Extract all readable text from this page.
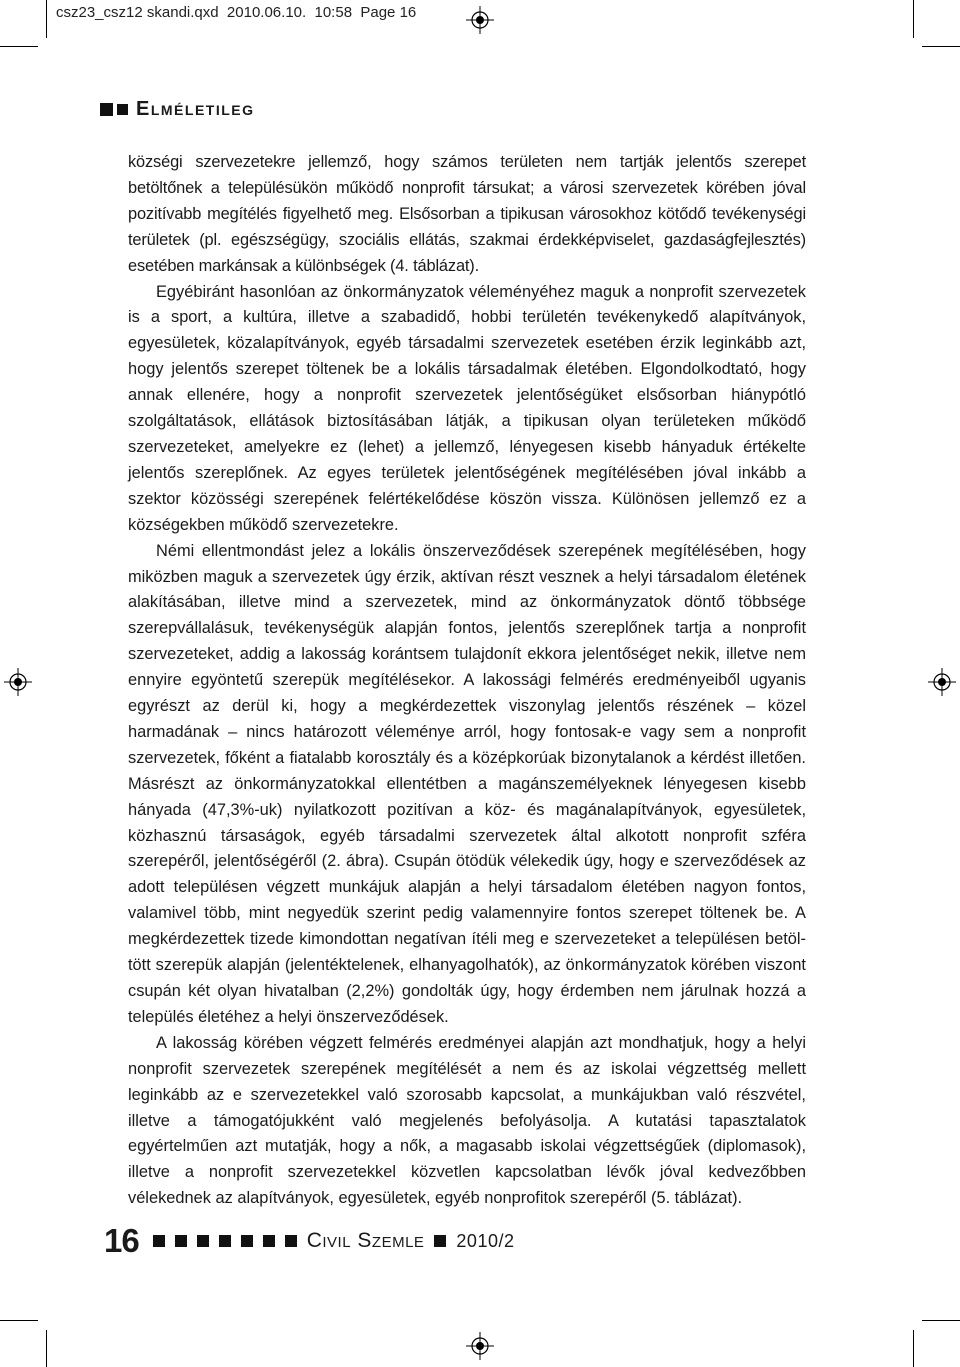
csz23_csz12 skandi.qxd  2010.06.10.  10:58  Page 16
Elméletileg

községi szervezetekre jellemző, hogy számos területen nem tartják jelentős szerepet betöltőnek a településükön működő nonprofit társukat; a városi szervezetek körében jóval pozitívabb megítélés figyelhető meg. Elsősorban a tipikusan városokhoz kötődő tevékenységi területek (pl. egészségügy, szociális ellátás, szakmai érdekképviselet, gazdaságfejlesztés) esetében markánsak a különbségek (4. táblázat).

Egyébiránt hasonlóan az önkormányzatok véleményéhez maguk a nonprofit szervezetek is a sport, a kultúra, illetve a szabadidő, hobbi területén tevékenykedő alapítványok, egyesületek, közalapítványok, egyéb társadalmi szervezetek esetében érzik leginkább azt, hogy jelentős szerepet töltenek be a lokális társadalmak életében. Elgondolkodtató, hogy annak ellenére, hogy a nonprofit szervezetek jelentőségüket elsősorban hiánypótló szolgáltatások, ellátások biztosításában látják, a tipikusan olyan területeken működő szervezeteket, amelyekre ez (lehet) a jellemző, lényegesen kisebb hányaduk értékelte jelentős szereplőnek. Az egyes területek jelentőségének megítélésében jóval inkább a szektor közösségi szerepének felértékelődése köszön vissza. Különösen jellemző ez a községekben működő szervezetekre.

Némi ellentmondást jelez a lokális önszerveződések szerepének megítélésében, hogy miközben maguk a szervezetek úgy érzik, aktívan részt vesznek a helyi társadalom életének alakításában, illetve mind a szervezetek, mind az önkormányzatok döntő többsége szerepvállalásuk, tevékenységük alapján fontos, jelentős szereplőnek tartja a nonprofit szervezeteket, addig a lakosság korántsem tulajdonít ekkora jelentőséget nekik, illetve nem ennyire egyöntetű szerepük megítélésekor. A lakossági felmérés eredményeiből ugyanis egyrészt az derül ki, hogy a megkérdezettek viszonylag jelentős részének – közel harmadának – nincs határozott véleménye arról, hogy fontosak-e vagy sem a nonprofit szervezetek, főként a fiatalabb korosztály és a középkorúak bizonytalanok a kérdést illetően. Másrészt az önkormányzatokkal ellentétben a magánszemélyeknek lényegesen kisebb hányada (47,3%-uk) nyilatkozott pozitívan a köz- és magánalapítványok, egyesületek, közhasznú társaságok, egyéb társadalmi szervezetek által alkotott nonprofit szféra szerepéről, jelentőségéről (2. ábra). Csupán ötödük vélekedik úgy, hogy e szerveződések az adott településen végzett munkájuk alapján a helyi társadalom életében nagyon fontos, valamivel több, mint negyedük szerint pedig valamennyire fontos szerepet töltenek be. A megkérdezettek tizede kimondottan negatívan ítéli meg e szervezeteket a településen betöltött szerepük alapján (jelentéktelenek, elhanyagolhatók), az önkormányzatok körében viszont csupán két olyan hivatalban (2,2%) gondolták úgy, hogy érdemben nem járulnak hozzá a település életéhez a helyi önszerveződések.

A lakosság körében végzett felmérés eredményei alapján azt mondhatjuk, hogy a helyi nonprofit szervezetek szerepének megítélését a nem és az iskolai végzettség mellett leginkább az e szervezetekkel való szorosabb kapcsolat, a munkájukban való részvétel, illetve a támogatójukként való megjelenés befolyásolja. A kutatási tapasztalatok egyértelműen azt mutatják, hogy a nők, a magasabb iskolai végzettségűek (diplomasok), illetve a nonprofit szervezetekkel közvetlen kapcsolatban lévők jóval kedvezőbben vélekednek az alapítványok, egyesületek, egyéb nonprofitok szerepéről (5. táblázat).

16	Civil Szemle 2010/2
